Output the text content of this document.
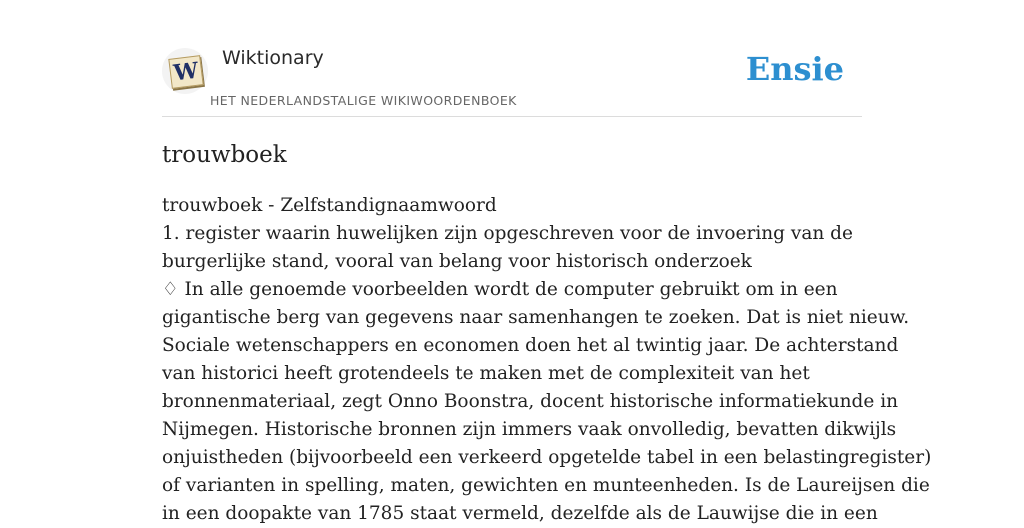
W Wiktionary
HET NEDERLANDSTALIGE WIKIWOORDENBOEK
Ensie
trouwboek
trouwboek - Zelfstandignaamwoord
1. register waarin huwelijken zijn opgeschreven voor de invoering van de
burgerlijke stand, vooral van belang voor historisch onderzoek
♢ In alle genoemde voorbeelden wordt de computer gebruikt om in een
gigantische berg van gegevens naar samenhangen te zoeken. Dat is niet nieuw.
Sociale wetenschappers en economen doen het al twintig jaar. De achterstand
van historici heeft grotendeels te maken met de complexiteit van het
bronnenmateriaal, zegt Onno Boonstra, docent historische informatiekunde in
Nijmegen. Historische bronnen zijn immers vaak onvolledig, bevatten dikwijls
onjuistheden (bijvoorbeeld een verkeerd opgetelde tabel in een belastingregister)
of varianten in spelling, maten, gewichten en munteenheden. Is de Laureijsen die
in een doopakte van 1785 staat vermeld, dezelfde als de Lauwijse die in een
